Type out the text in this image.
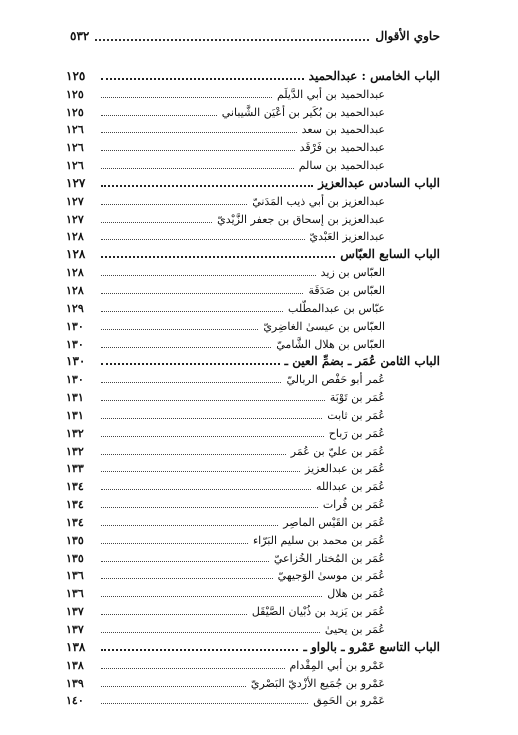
حاوي الأقوال
٥٣٢
الباب الخامس : عبدالحميد
١٢٥
عبدالحميد بن أبي الدَّيلَم
١٢٥
عبدالحميد بن بُكَير بن أعْيَن الشَّيباني
١٢٥
عبدالحميد بن سعد
١٢٦
عبدالحميد بن فَرْقَد
١٢٦
عبدالحميد بن سالم
١٢٦
الباب السادس عبدالعزيز
١٢٧
عبدالعزيز بن أبي ذيب المَدَنيّ
١٢٧
عبدالعزيز بن إسحاق بن جعفر الزَّيْديّ
١٢٧
عبدالعزيز العَبْديّ
١٢٨
الباب السابع العبّاس
١٢٨
العبّاس بن زيد
١٢٨
العبّاس بن صَدَقَة
١٢٨
عبّاس بن عبدالمطّلب
١٢٩
العبّاس بن عيسىٰ الغاضِريّ
١٣٠
العبّاس بن هلال الشَّاميّ
١٣٠
الباب الثامن عُمَر ـ بضمِّ العين ـ
١٣٠
عُمر أبو حَفْص الرباليّ
١٣٠
عُمَر بن تَوْبَة
١٣١
عُمَر بن ثابت
١٣١
عُمَر بن رَباح
١٣٢
عُمَر بن عليّ بن عُمَر
١٣٢
عُمَر بن عبدالعزيز
١٣٣
عُمَر بن عبدالله
١٣٤
عُمَر بن فُرات
١٣٤
عُمَر بن القَيْس الماصِر
١٣٤
عُمَر بن محمد بن سليم البَرّاء
١٣٥
عُمَر بن المُختار الخُزاعيّ
١٣٥
عُمَر بن موسىٰ الوَجيهيّ
١٣٦
عُمَر بن هلال
١٣٦
عُمَر بن يَزيد بن ذُبْيان الصَّيْقَل
١٣٧
عُمَر بن يحيىٰ
١٣٧
الباب التاسع عَمْرو ـ بالواو ـ
١٣٨
عَمْرو بن أبي المِقْدام
١٣٨
عَمْرو بن جُمَيع الأزْديّ البَصْريّ
١٣٩
عَمْرو بن الحَمِق
١٤٠
